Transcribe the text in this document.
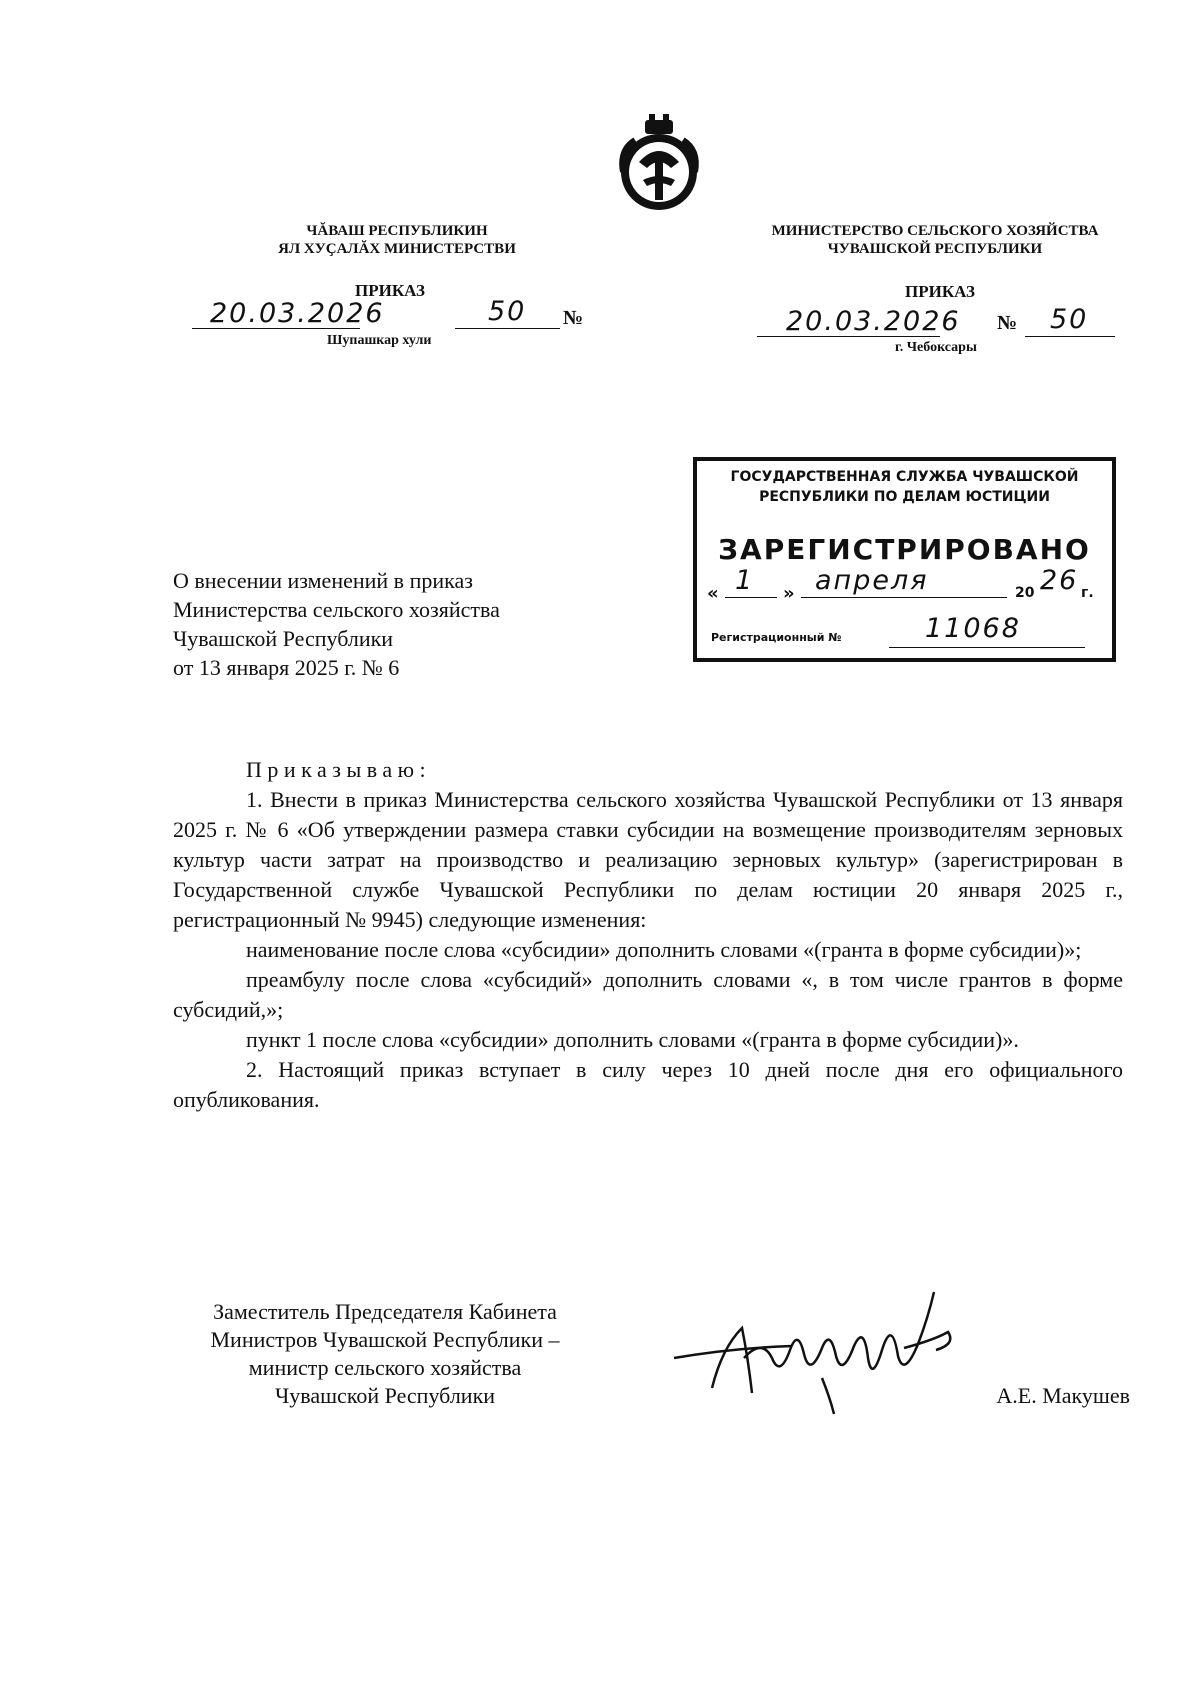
ЧĂВАШ РЕСПУБЛИКИН
ЯЛ ХУҪАЛĂХ МИНИСТЕРСТВИ
ПРИКАЗ
20.03.2026	50 №
Шупашкар хули
МИНИСТЕРСТВО СЕЛЬСКОГО ХОЗЯЙСТВА
ЧУВАШСКОЙ РЕСПУБЛИКИ
ПРИКАЗ
20.03.2026 № 50
г. Чебоксары
ГОСУДАРСТВЕННАЯ СЛУЖБА ЧУВАШСКОЙ
РЕСПУБЛИКИ ПО ДЕЛАМ ЮСТИЦИИ
ЗАРЕГИСТРИРОВАНО
« 1 » апреля	20 26 г.
Регистрационный №	11068
О внесении изменений в приказ
Министерства сельского хозяйства
Чувашской Республики
от 13 января 2025 г. № 6

Приказываю:

1. Внести в приказ Министерства сельского хозяйства Чувашской Республики от 13 января 2025 г. № 6 «Об утверждении размера ставки субсидии на возмещение производителям зерновых культур части затрат на производство и реализацию зерновых культур» (зарегистрирован в Государственной службе Чувашской Республики по делам юстиции 20 января 2025 г., регистрационный № 9945) следующие изменения:

наименование после слова «субсидии» дополнить словами «(гранта в форме субсидии)»;

преамбулу после слова «субсидий» дополнить словами «, в том числе грантов в форме субсидий,»;

пункт 1 после слова «субсидии» дополнить словами «(гранта в форме субсидии)».

2. Настоящий приказ вступает в силу через 10 дней после дня его официального опубликования.

Заместитель Председателя Кабинета
Министров Чувашской Республики –
министр сельского хозяйства
Чувашской Республики	А.Е. Макушев
